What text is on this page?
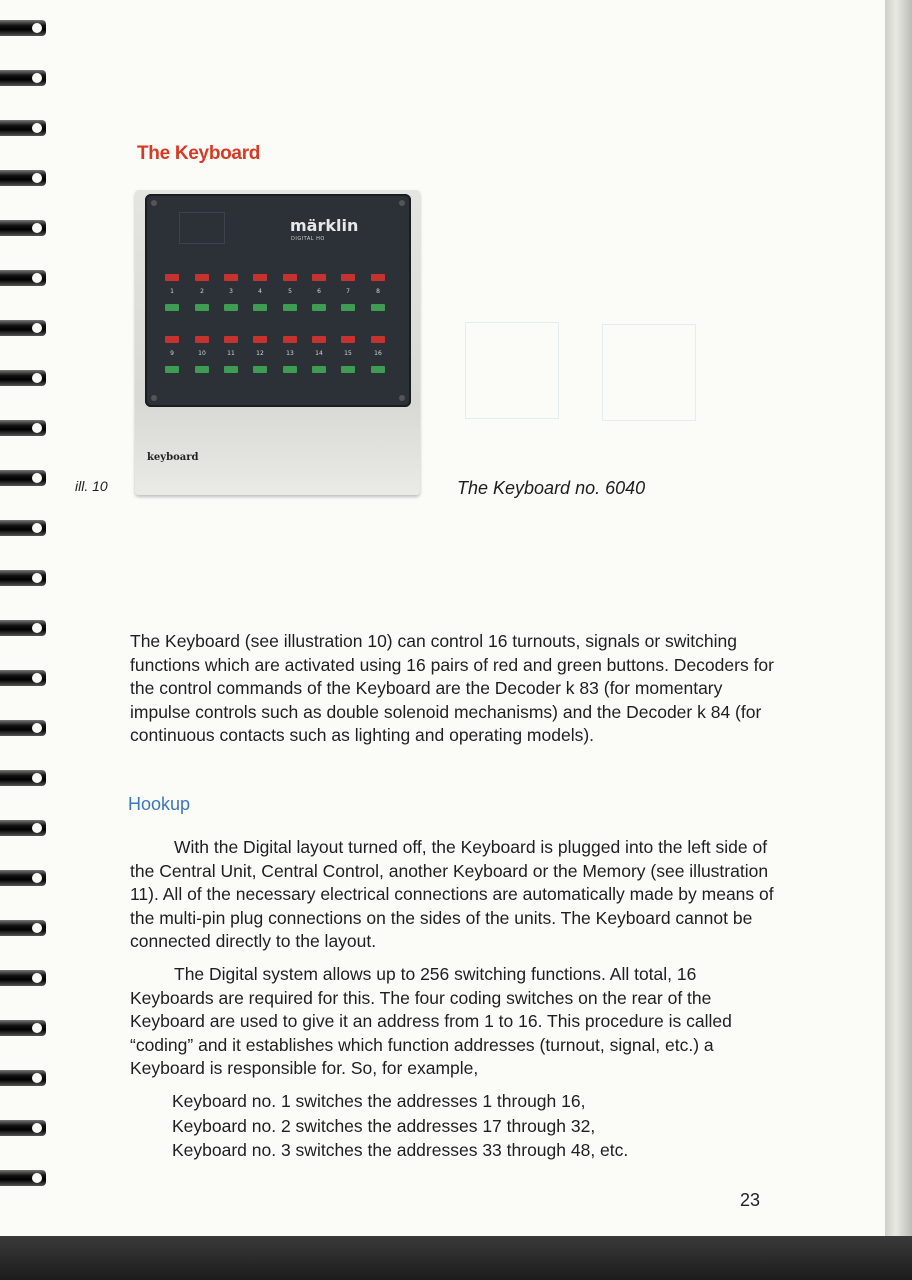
The Keyboard
märklin
DIGITAL HO
1	2	3	4	5	6	7	8
9	10	11	12	13	14	15	16
keyboard
ill. 10	The Keyboard no. 6040

The Keyboard (see illustration 10) can control 16 turnouts, signals or switching functions which are activated using 16 pairs of red and green buttons. Decoders for the control commands of the Keyboard are the Decoder k 83 (for momentary impulse controls such as double solenoid mechanisms) and the Decoder k 84 (for continuous contacts such as lighting and operating models).

Hookup

With the Digital layout turned off, the Keyboard is plugged into the left side of the Central Unit, Central Control, another Keyboard or the Memory (see illustration 11). All of the necessary electrical connections are automatically made by means of the multi-pin plug connections on the sides of the units. The Keyboard cannot be connected directly to the layout.

The Digital system allows up to 256 switching functions. All total, 16 Keyboards are required for this. The four coding switches on the rear of the Keyboard are used to give it an address from 1 to 16. This procedure is called “coding” and it establishes which function addresses (turnout, signal, etc.) a Keyboard is responsible for. So, for example,

Keyboard no. 1 switches the addresses 1 through 16,
Keyboard no. 2 switches the addresses 17 through 32,
Keyboard no. 3 switches the addresses 33 through 48, etc.
23
